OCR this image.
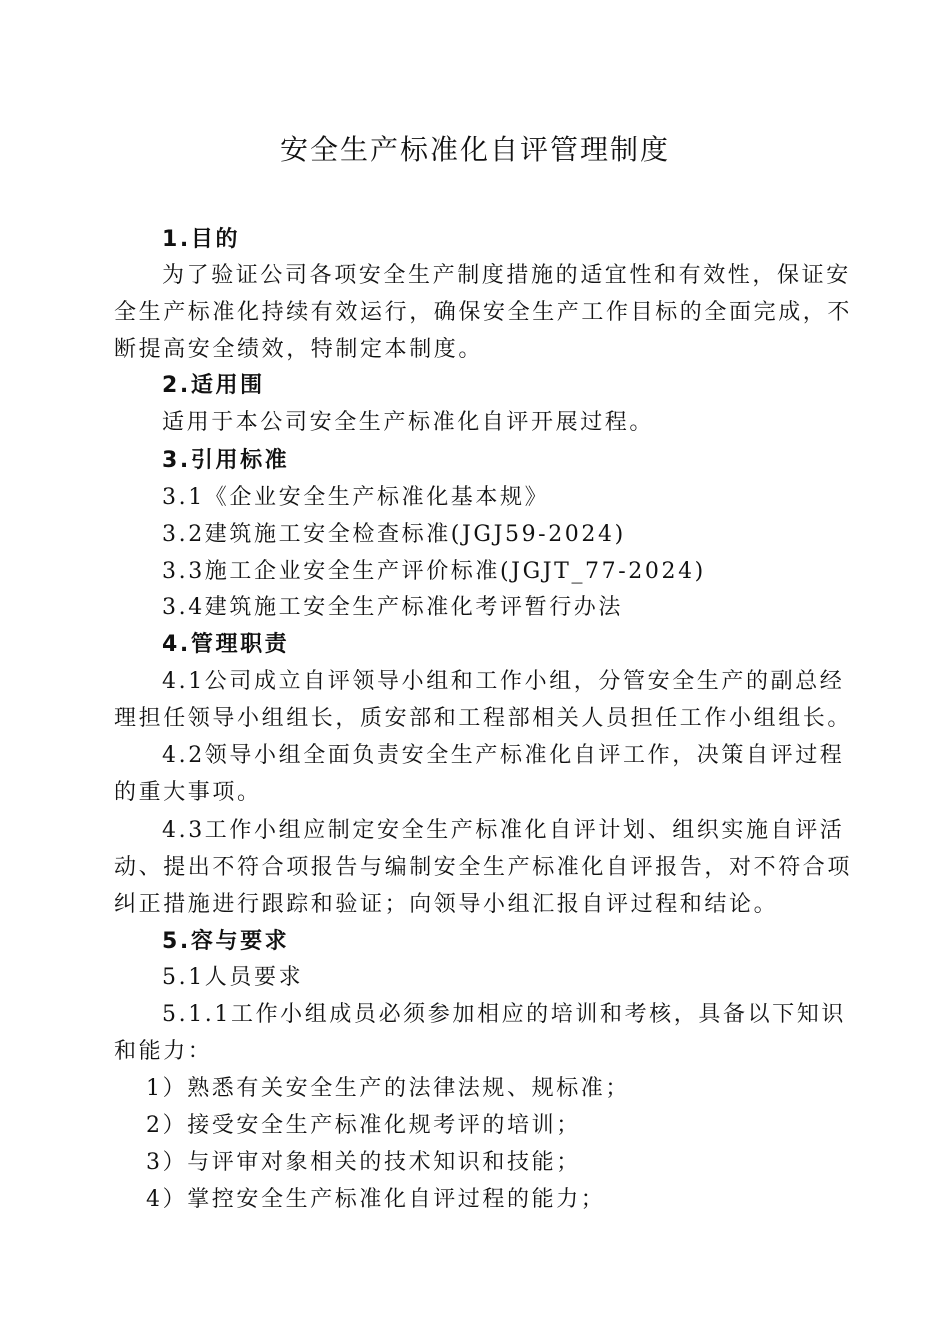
安全生产标准化自评管理制度
1.目的
为了验证公司各项安全生产制度措施的适宜性和有效性，保证安
全生产标准化持续有效运行，确保安全生产工作目标的全面完成，不
断提高安全绩效，特制定本制度。
2.适用围
适用于本公司安全生产标准化自评开展过程。
3.引用标准
3.1《企业安全生产标准化基本规》
3.2建筑施工安全检查标准(JGJ59-2024)
3.3施工企业安全生产评价标准(JGJT_77-2024)
3.4建筑施工安全生产标准化考评暂行办法
4.管理职责
4.1公司成立自评领导小组和工作小组，分管安全生产的副总经
理担任领导小组组长，质安部和工程部相关人员担任工作小组组长。
4.2领导小组全面负责安全生产标准化自评工作，决策自评过程
的重大事项。
4.3工作小组应制定安全生产标准化自评计划、组织实施自评活
动、提出不符合项报告与编制安全生产标准化自评报告，对不符合项
纠正措施进行跟踪和验证；向领导小组汇报自评过程和结论。
5.容与要求
5.1人员要求
5.1.1工作小组成员必须参加相应的培训和考核，具备以下知识
和能力：
1）熟悉有关安全生产的法律法规、规标准；
2）接受安全生产标准化规考评的培训；
3）与评审对象相关的技术知识和技能；
4）掌控安全生产标准化自评过程的能力；
